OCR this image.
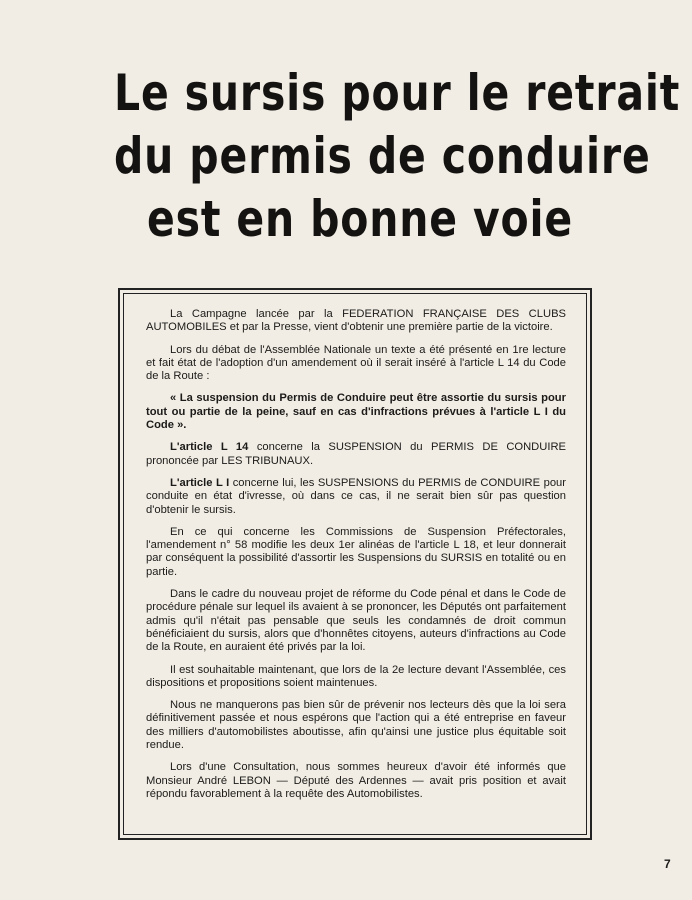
Le sursis pour le retrait
du permis de conduire
est en bonne voie

La Campagne lancée par la FEDERATION FRANÇAISE DES CLUBS AUTOMOBILES et par la Presse, vient d'obtenir une première partie de la victoire.

Lors du débat de l'Assemblée Nationale un texte a été présenté en 1re lecture et fait état de l'adoption d'un amendement où il serait inséré à l'article L 14 du Code de la Route :

« La suspension du Permis de Conduire peut être assortie du sursis pour tout ou partie de la peine, sauf en cas d'infractions prévues à l'article L I du Code ».

L'article L 14 concerne la SUSPENSION du PERMIS DE CONDUIRE prononcée par LES TRIBUNAUX.

L'article L I concerne lui, les SUSPENSIONS du PERMIS de CONDUIRE pour conduite en état d'ivresse, où dans ce cas, il ne serait bien sûr pas question d'obtenir le sursis.

En ce qui concerne les Commissions de Suspension Préfectorales, l'amendement n° 58 modifie les deux 1er alinéas de l'article L 18, et leur donnerait par conséquent la possibilité d'assortir les Suspensions du SURSIS en totalité ou en partie.

Dans le cadre du nouveau projet de réforme du Code pénal et dans le Code de procédure pénale sur lequel ils avaient à se prononcer, les Députés ont parfaitement admis qu'il n'était pas pensable que seuls les condamnés de droit commun bénéficiaient du sursis, alors que d'honnêtes citoyens, auteurs d'infractions au Code de la Route, en auraient été privés par la loi.

Il est souhaitable maintenant, que lors de la 2e lecture devant l'Assemblée, ces dispositions et propositions soient maintenues.

Nous ne manquerons pas bien sûr de prévenir nos lecteurs dès que la loi sera définitivement passée et nous espérons que l'action qui a été entreprise en faveur des milliers d'automobilistes aboutisse, afin qu'ainsi une justice plus équitable soit rendue.

Lors d'une Consultation, nous sommes heureux d'avoir été informés que Monsieur André LEBON — Député des Ardennes — avait pris position et avait répondu favorablement à la requête des Automobilistes.

7
